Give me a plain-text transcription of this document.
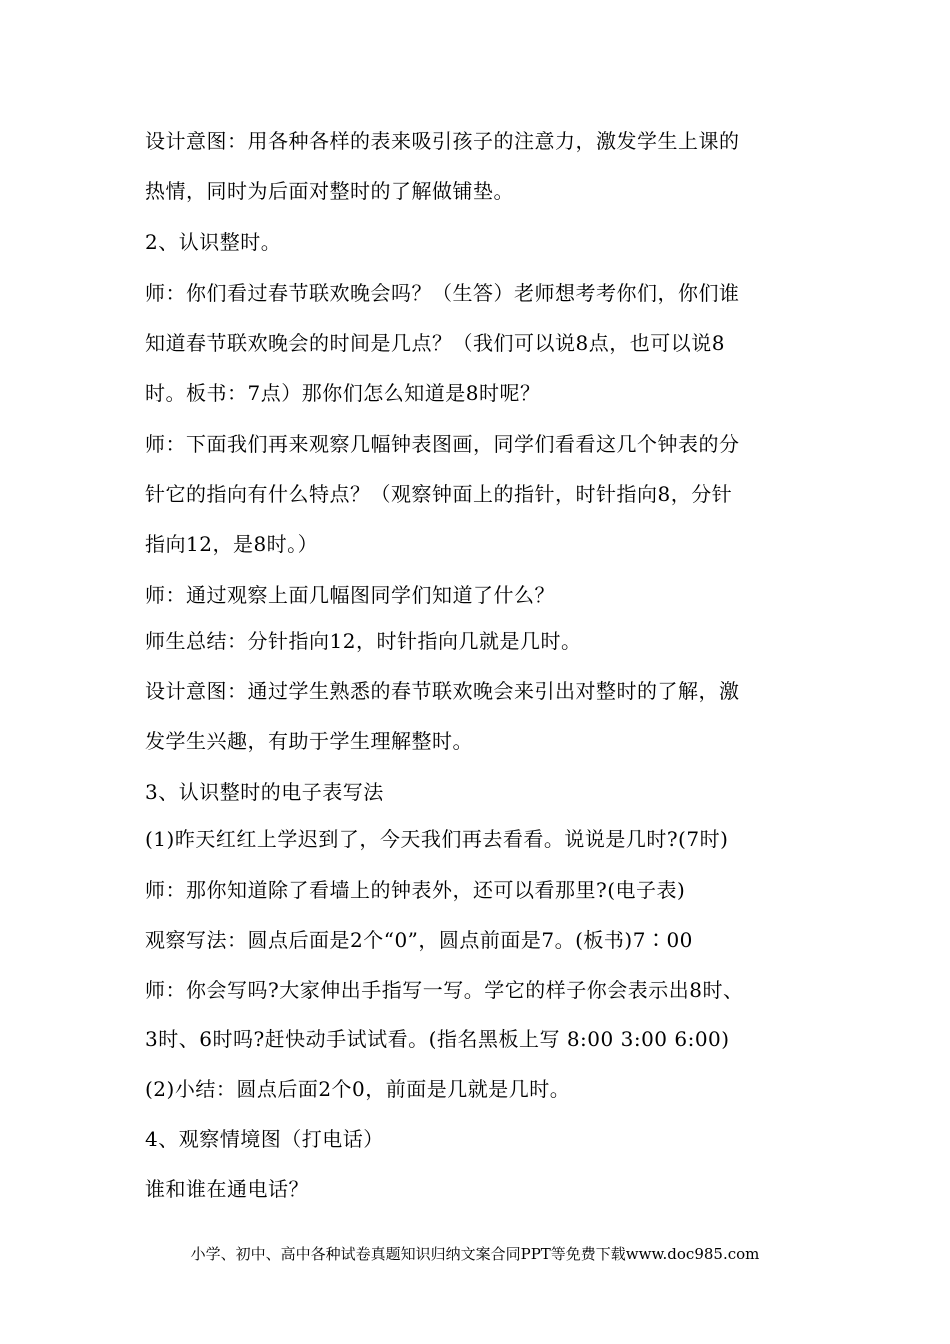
设计意图：用各种各样的表来吸引孩子的注意力，激发学生上课的
热情，同时为后面对整时的了解做铺垫。
2、认识整时。
师：你们看过春节联欢晚会吗？（生答）老师想考考你们，你们谁
知道春节联欢晚会的时间是几点？（我们可以说8点，也可以说8
时。板书：7点）那你们怎么知道是8时呢？
师：下面我们再来观察几幅钟表图画，同学们看看这几个钟表的分
针它的指向有什么特点？（观察钟面上的指针，时针指向8，分针
指向12，是8时。）
师：通过观察上面几幅图同学们知道了什么？
师生总结：分针指向12，时针指向几就是几时。
设计意图：通过学生熟悉的春节联欢晚会来引出对整时的了解，激
发学生兴趣，有助于学生理解整时。
3、认识整时的电子表写法
(1)昨天红红上学迟到了，今天我们再去看看。说说是几时?(7时)
师：那你知道除了看墙上的钟表外，还可以看那里?(电子表)
观察写法：圆点后面是2个“0”，圆点前面是7。(板书)7∶00
师：你会写吗?大家伸出手指写一写。学它的样子你会表示出8时、
3时、6时吗?赶快动手试试看。(指名黑板上写 8:00 3:00 6:00)
(2)小结：圆点后面2个0，前面是几就是几时。
4、观察情境图（打电话）
谁和谁在通电话？
小学、初中、高中各种试卷真题知识归纳文案合同PPT等免费下载www.doc985.com
